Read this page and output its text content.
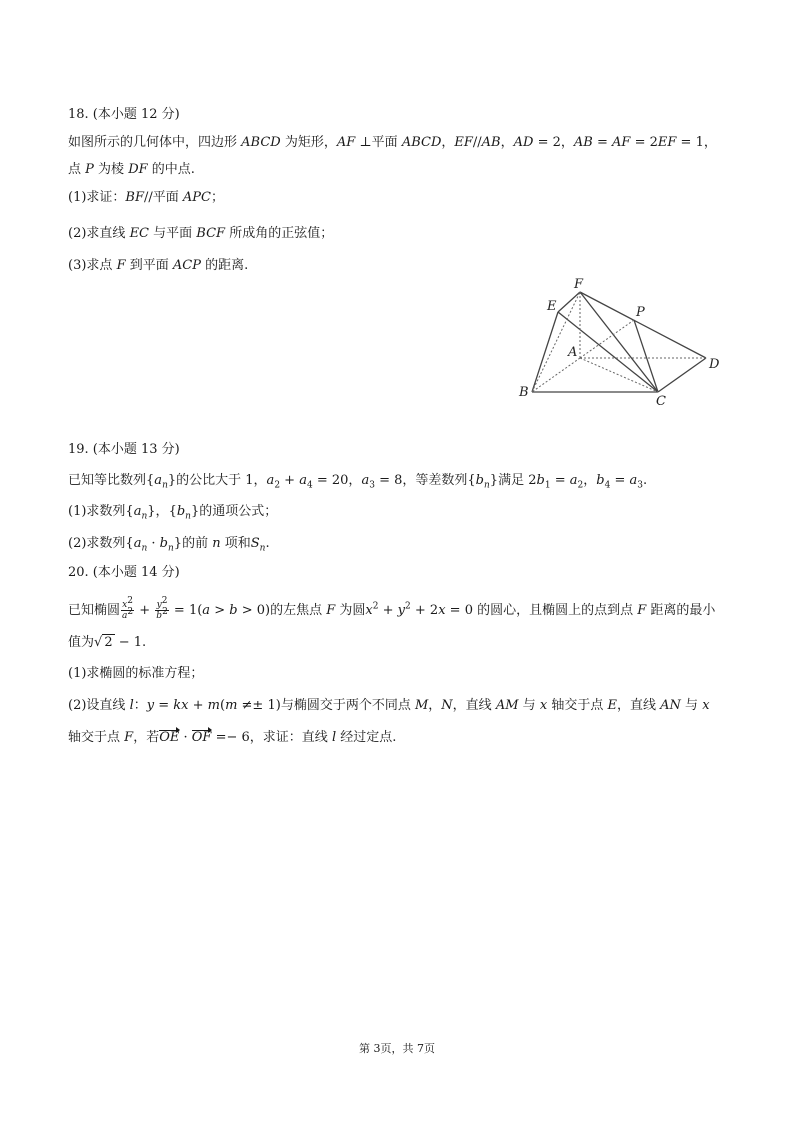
18. (本小题 12 分)
如图所示的几何体中，四边形 ABCD 为矩形，AF ⊥平面 ABCD，EF//AB，AD = 2，AB = AF = 2EF = 1，
点 P 为棱 DF 的中点.
(1)求证：BF//平面 APC；
(2)求直线 EC 与平面 BCF 所成角的正弦值；
(3)求点 F 到平面 ACP 的距离.
F
E	P
A
D
B
C
19. (本小题 13 分)
已知等比数列$\{a_n\}$的公比大于 1，$a_2 + a_4 = 20$，$a_3 = 8$，等差数列$\{b_n\}$满足 $2b_1 = a_2$，$b_4 = a_3$.
(1)求数列$\{a_n\}$，$\{b_n\}$的通项公式；
(2)求数列$\{a_n \cdot b_n\}$的前 n 项和$S_n$.
20. (本小题 14 分)
已知椭圆 $\frac{x^2}{a^2} + \frac{y^2}{b^2} = 1(a > b > 0)$的左焦点 F 为圆$x^2 + y^2 + 2x = 0$ 的圆心，且椭圆上的点到点 F 距离的最小
值为√ 2 − 1.
(1)求椭圆的标准方程；
(2)设直线 l：y = kx + m(m ≠± 1)与椭圆交于两个不同点 M，N，直线 AM 与 x 轴交于点 E，直线 AN 与 x
轴交于点 F，若OE · OF =− 6，求证：直线 l 经过定点.
第 3页，共 7页
